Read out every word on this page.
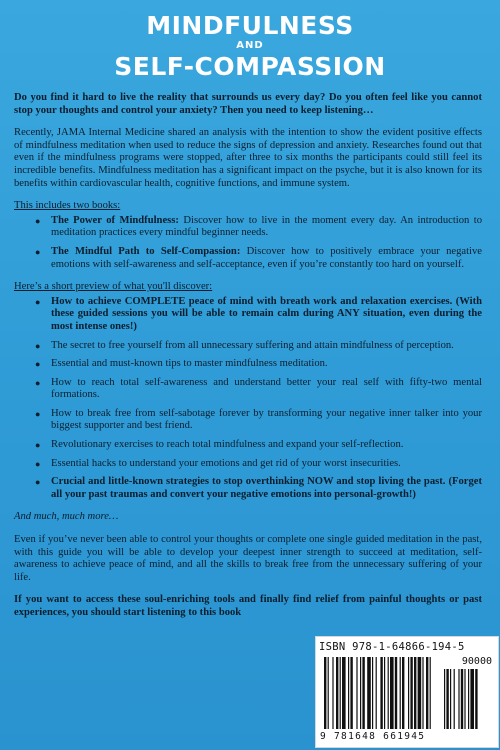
MINDFULNESS
AND
SELF-COMPASSION

Do you find it hard to live the reality that surrounds us every day? Do you often feel like you cannot stop your thoughts and control your anxiety? Then you need to keep listening…

Recently, JAMA Internal Medicine shared an analysis with the intention to show the evident positive effects of mindfulness meditation when used to reduce the signs of depression and anxiety. Researches found out that even if the mindfulness programs were stopped, after three to six months the participants could still feel its incredible benefits. Mindfulness meditation has a significant impact on the psyche, but it is also known for its benefits within cardiovascular health, cognitive functions, and immune system.

This includes two books:

● The Power of Mindfulness: Discover how to live in the moment every day. An introduction to meditation practices every mindful beginner needs.
● The Mindful Path to Self-Compassion: Discover how to positively embrace your negative emotions with self-awareness and self-acceptance, even if you’re constantly too hard on yourself.

Here’s a short preview of what you'll discover:

● How to achieve COMPLETE peace of mind with breath work and relaxation exercises. (With these guided sessions you will be able to remain calm during ANY situation, even during the most intense ones!)
● The secret to free yourself from all unnecessary suffering and attain mindfulness of perception.
● Essential and must-known tips to master mindfulness meditation.
● How to reach total self-awareness and understand better your real self with fifty-two mental formations.
● How to break free from self-sabotage forever by transforming your negative inner talker into your biggest supporter and best friend.
● Revolutionary exercises to reach total mindfulness and expand your self-reflection.
● Essential hacks to understand your emotions and get rid of your worst insecurities.
● Crucial and little-known strategies to stop overthinking NOW and stop living the past. (Forget all your past traumas and convert your negative emotions into personal-growth!)

And much, much more…

Even if you’ve never been able to control your thoughts or complete one single guided meditation in the past, with this guide you will be able to develop your deepest inner strength to succeed at meditation, self-awareness to achieve peace of mind, and all the skills to break free from the unnecessary suffering of your life.

If you want to access these soul-enriching tools and finally find relief from painful thoughts or past experiences, you should start listening to this book

ISBN 978-1-64866-194-5
90000
9 781648 661945
